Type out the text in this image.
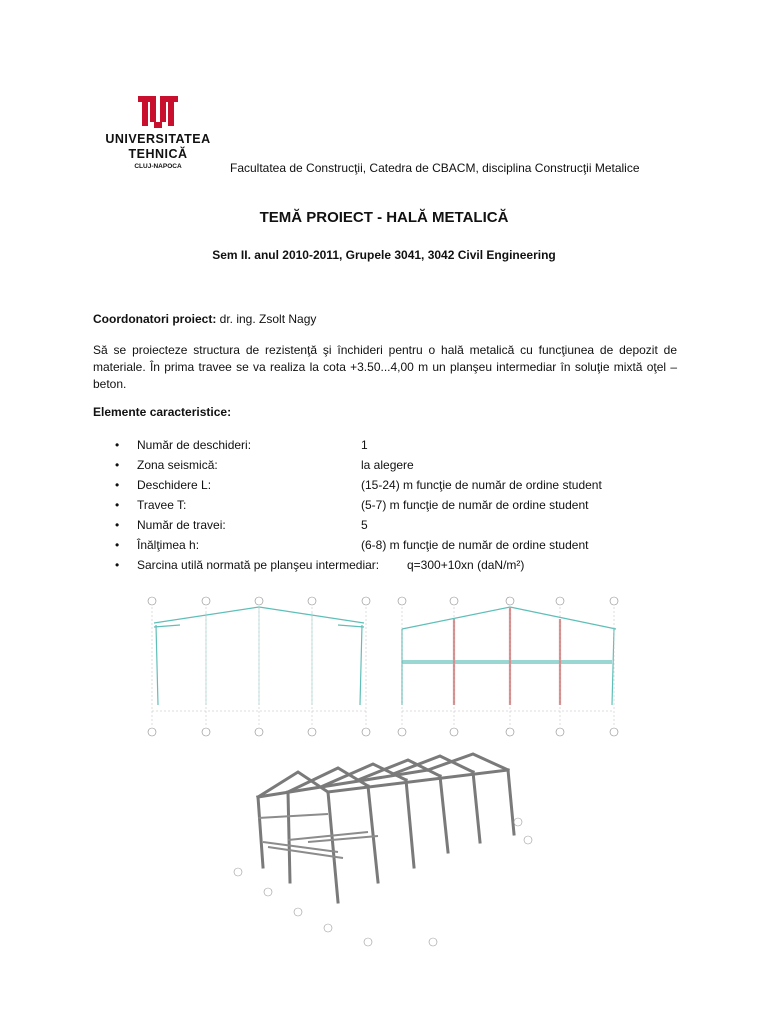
UNIVERSITATEA
TEHNICĂ
CLUJ-NAPOCA	Facultatea de Construcţii, Catedra de CBACM, disciplina Construcţii Metalice
TEMĂ PROIECT - HALĂ METALICĂ
Sem II. anul 2010-2011, Grupele 3041, 3042 Civil Engineering
Coordonatori proiect: dr. ing. Zsolt Nagy
Să se proiecteze structura de rezistenţă şi închideri pentru o hală metalică cu funcţiunea de depozit de materiale. În prima travee se va realiza la cota +3.50...4,00 m un planşeu intermediar în soluţie mixtă oţel –beton.
Elemente caracteristice:
• Număr de deschideri:	1
• Zona seismică:	la alegere
• Deschidere L:	(15-24) m funcţie de număr de ordine student
• Travee T:	(5-7) m funcţie de număr de ordine student
• Număr de travei:	5
• Înălţimea h:	(6-8) m funcţie de număr de ordine student
• Sarcina utilă normată pe planşeu intermediar: q=300+10xn (daN/m²)
